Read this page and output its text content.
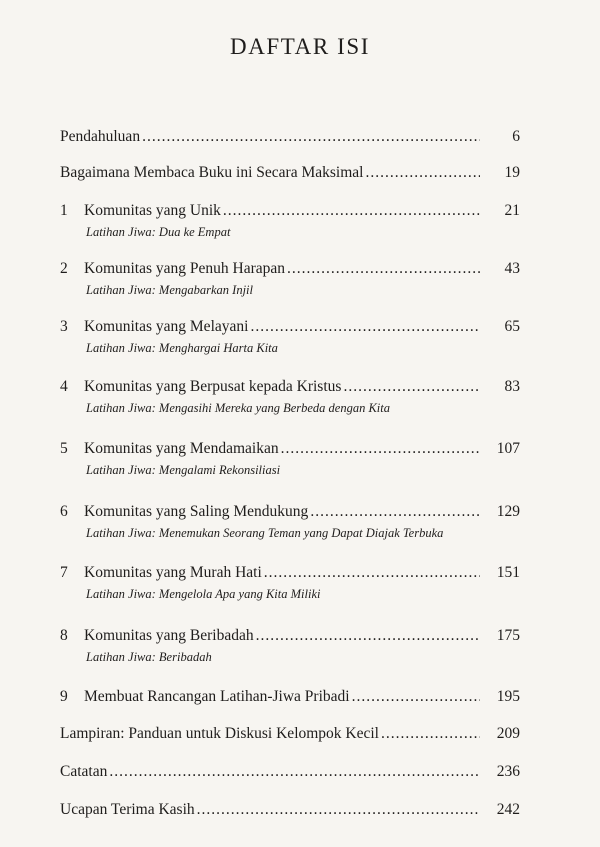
DAFTAR ISI
Pendahuluan .....	6
Bagaimana Membaca Buku ini Secara Maksimal .....	19
1	Komunitas yang Unik .....	21
Latihan Jiwa: Dua ke Empat
2	Komunitas yang Penuh Harapan .....	43
Latihan Jiwa: Mengabarkan Injil
3	Komunitas yang Melayani .....	65
Latihan Jiwa: Menghargai Harta Kita
4	Komunitas yang Berpusat kepada Kristus .....	83
Latihan Jiwa: Mengasihi Mereka yang Berbeda dengan Kita
5	Komunitas yang Mendamaikan .....	107
Latihan Jiwa: Mengalami Rekonsiliasi
6	Komunitas yang Saling Mendukung .....	129
Latihan Jiwa: Menemukan Seorang Teman yang Dapat Diajak Terbuka
7	Komunitas yang Murah Hati .....	151
Latihan Jiwa: Mengelola Apa yang Kita Miliki
8	Komunitas yang Beribadah .....	175
Latihan Jiwa: Beribadah
9	Membuat Rancangan Latihan-Jiwa Pribadi .....	195
Lampiran: Panduan untuk Diskusi Kelompok Kecil .....	209
Catatan .....	236
Ucapan Terima Kasih .....	242
